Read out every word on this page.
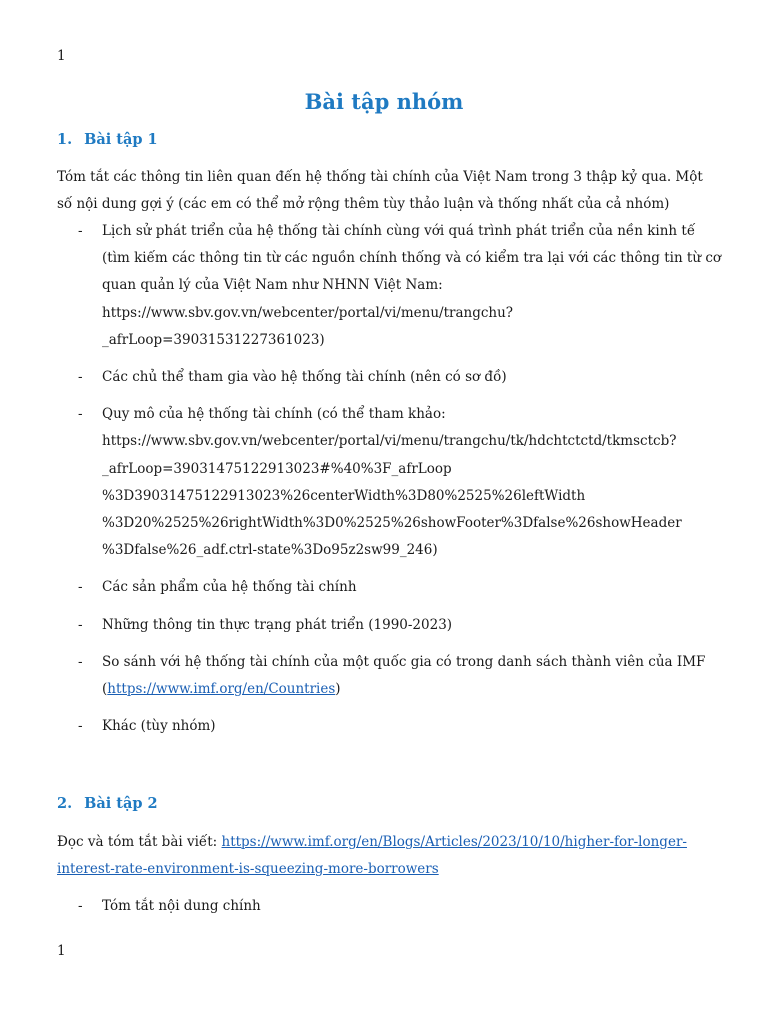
1
Bài tập nhóm
1. Bài tập 1
Tóm tắt các thông tin liên quan đến hệ thống tài chính của Việt Nam trong 3 thập kỷ qua. Một số nội dung gợi ý (các em có thể mở rộng thêm tùy thảo luận và thống nhất của cả nhóm)
- Lịch sử phát triển của hệ thống tài chính cùng với quá trình phát triển của nền kinh tế
(tìm kiếm các thông tin từ các nguồn chính thống và có kiểm tra lại với các thông tin từ cơ
quan quản lý của Việt Nam như NHNN Việt Nam:
https://www.sbv.gov.vn/webcenter/portal/vi/menu/trangchu?
_afrLoop=39031531227361023)
- Các chủ thể tham gia vào hệ thống tài chính (nên có sơ đồ)
- Quy mô của hệ thống tài chính (có thể tham khảo:
https://www.sbv.gov.vn/webcenter/portal/vi/menu/trangchu/tk/hdchtctctd/tkmsctcb?
_afrLoop=39031475122913023#%40%3F_afrLoop
%3D39031475122913023%26centerWidth%3D80%2525%26leftWidth
%3D20%2525%26rightWidth%3D0%2525%26showFooter%3Dfalse%26showHeader
%3Dfalse%26_adf.ctrl-state%3Do95z2sw99_246)
- Các sản phẩm của hệ thống tài chính
- Những thông tin thực trạng phát triển (1990-2023)
- So sánh với hệ thống tài chính của một quốc gia có trong danh sách thành viên của IMF
(https://www.imf.org/en/Countries)
- Khác (tùy nhóm)
2. Bài tập 2
Đọc và tóm tắt bài viết: https://www.imf.org/en/Blogs/Articles/2023/10/10/higher-for-longer-
interest-rate-environment-is-squeezing-more-borrowers
- Tóm tắt nội dung chính
1
